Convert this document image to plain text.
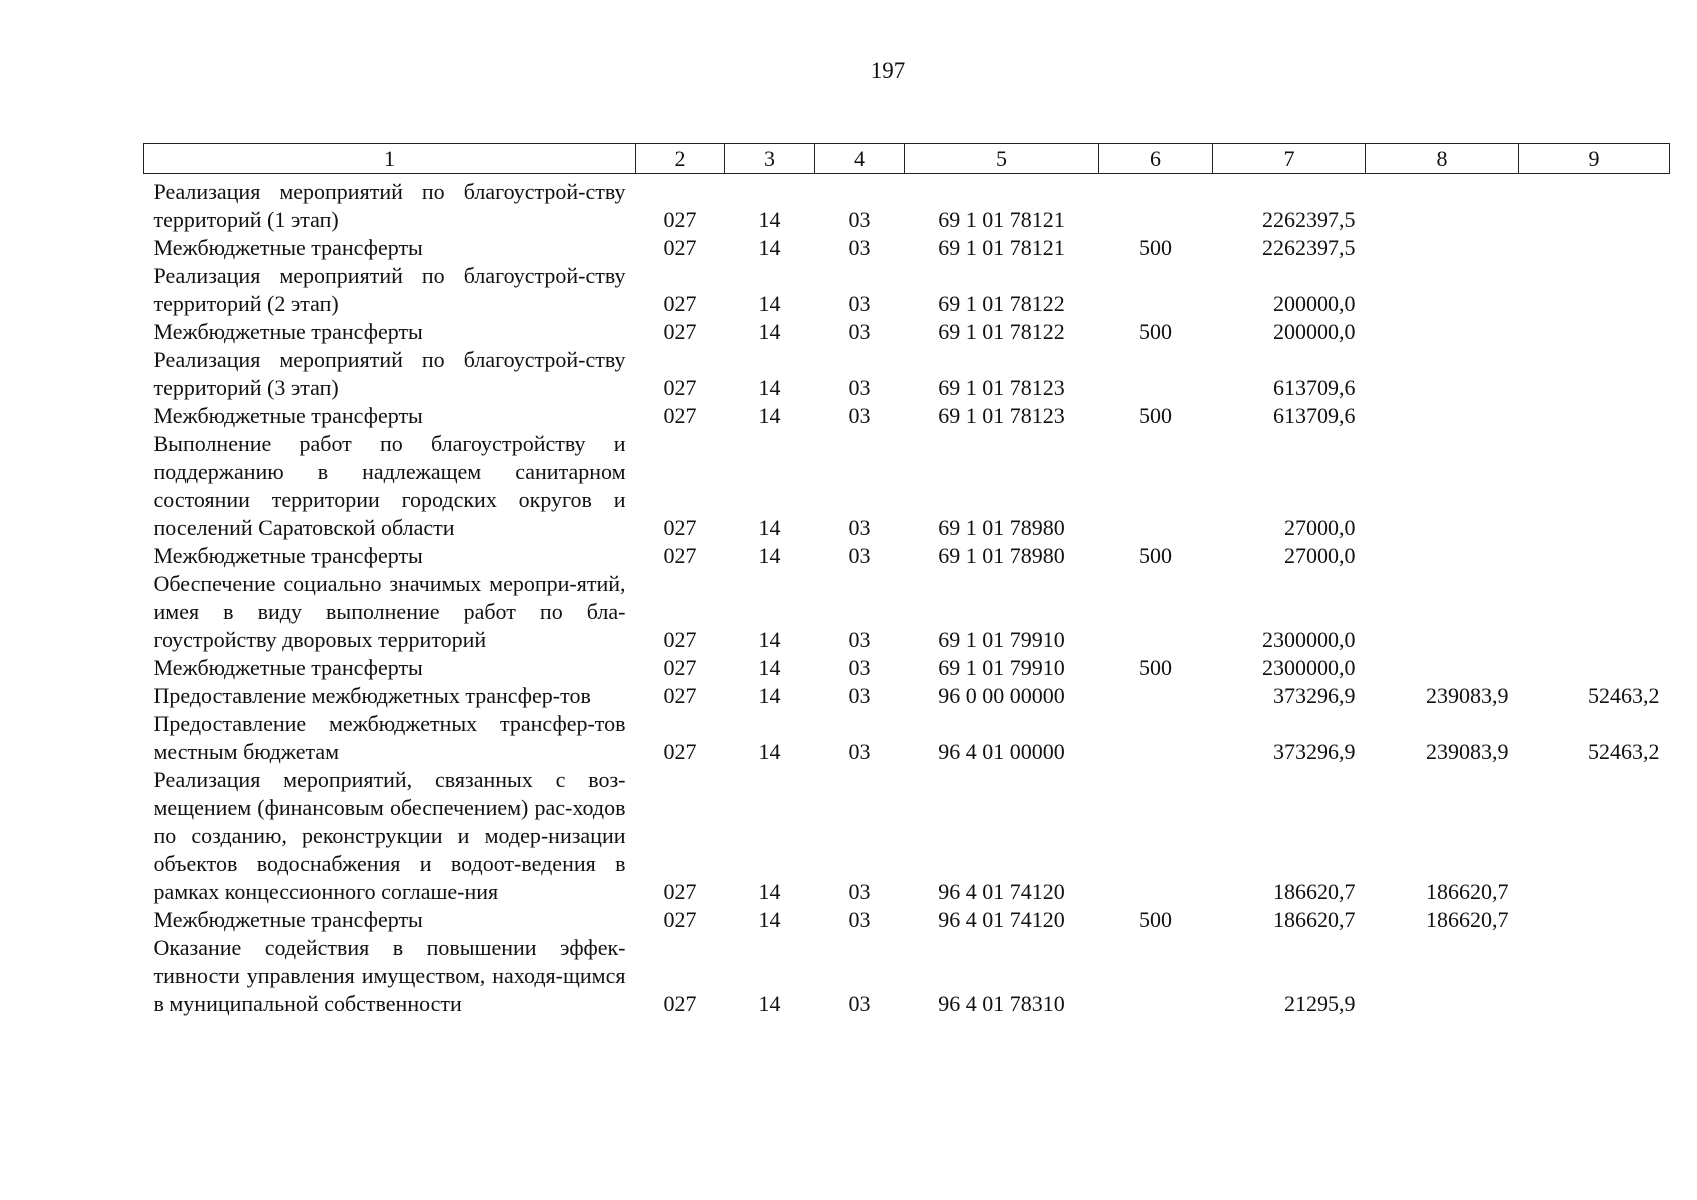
197
1	2	3	4	5	6	7	8	9
Реализация мероприятий по благоустрой-ству территорий (1 этап)	027	14	03	69 1 01 78121		2262397,5		
Межбюджетные трансферты	027	14	03	69 1 01 78121	500	2262397,5		
Реализация мероприятий по благоустрой-ству территорий (2 этап)	027	14	03	69 1 01 78122		200000,0		
Межбюджетные трансферты	027	14	03	69 1 01 78122	500	200000,0		
Реализация мероприятий по благоустрой-ству территорий (3 этап)	027	14	03	69 1 01 78123		613709,6		
Межбюджетные трансферты	027	14	03	69 1 01 78123	500	613709,6		
Выполнение работ по благоустройству и поддержанию в надлежащем санитарном состоянии территории городских округов и поселений Саратовской области	027	14	03	69 1 01 78980		27000,0		
Межбюджетные трансферты	027	14	03	69 1 01 78980	500	27000,0		
Обеспечение социально значимых меропри-ятий, имея в виду выполнение работ по бла-гоустройству дворовых территорий	027	14	03	69 1 01 79910		2300000,0		
Межбюджетные трансферты	027	14	03	69 1 01 79910	500	2300000,0		
Предоставление межбюджетных трансфер-тов	027	14	03	96 0 00 00000		373296,9	239083,9	52463,2
Предоставление межбюджетных трансфер-тов местным бюджетам	027	14	03	96 4 01 00000		373296,9	239083,9	52463,2
Реализация мероприятий, связанных с воз-мещением (финансовым обеспечением) рас-ходов по созданию, реконструкции и модер-низации объектов водоснабжения и водоот-ведения в рамках концессионного соглаше-ния	027	14	03	96 4 01 74120		186620,7	186620,7	
Межбюджетные трансферты	027	14	03	96 4 01 74120	500	186620,7	186620,7	
Оказание содействия в повышении эффек-тивности управления имуществом, находя-щимся в муниципальной собственности	027	14	03	96 4 01 78310		21295,9		
